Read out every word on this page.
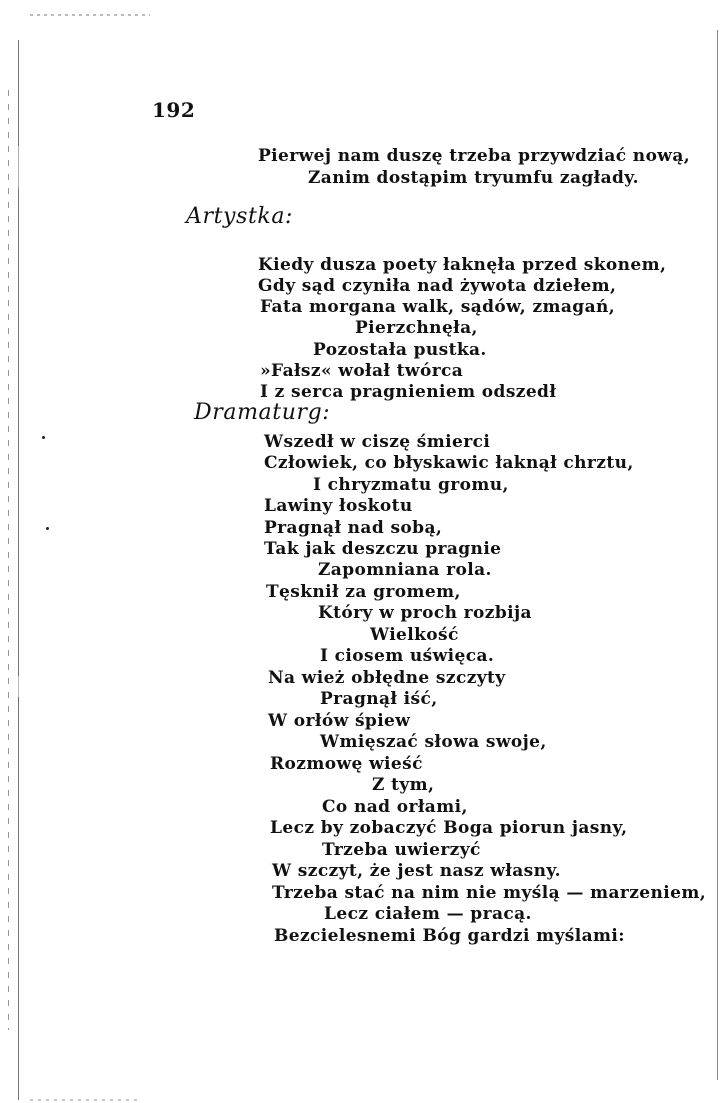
192
Pierwej nam duszę trzeba przywdziać nową,
Zanim dostąpim tryumfu zagłady.
Artystka:
Kiedy dusza poety łaknęła przed skonem,
Gdy sąd czyniła nad żywota dziełem,
Fata morgana walk, sądów, zmagań,
Pierzchnęła,
Pozostała pustka.
»Fałsz« wołał twórca
I z serca pragnieniem odszedł
Dramaturg:
Wszedł w ciszę śmierci
Człowiek, co błyskawic łaknął chrztu,
I chryzmatu gromu,
Lawiny łoskotu
Pragnął nad sobą,
Tak jak deszczu pragnie
Zapomniana rola.
Tęsknił za gromem,
Który w proch rozbija
Wielkość
I ciosem uświęca.
Na wież obłędne szczyty
Pragnął iść,
W orłów śpiew
Wmięszać słowa swoje,
Rozmowę wieść
Z tym,
Co nad orłami,
Lecz by zobaczyć Boga piorun jasny,
Trzeba uwierzyć
W szczyt, że jest nasz własny.
Trzeba stać na nim nie myślą — marzeniem,
Lecz ciałem — pracą.
Bezcielesnemi Bóg gardzi myślami:
